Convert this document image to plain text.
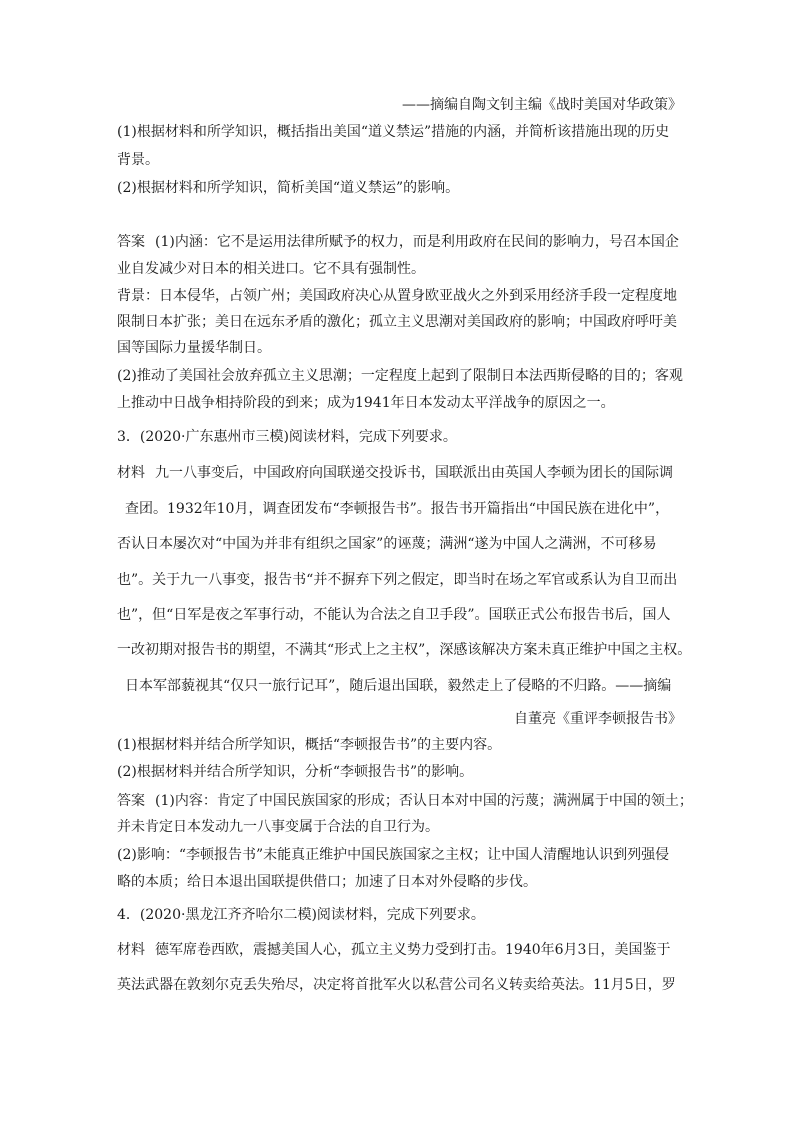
——摘编自陶文钊主编《战时美国对华政策》

(1)根据材料和所学知识，概括指出美国“道义禁运”措施的内涵，并简析该措施出现的历史

背景。

(2)根据材料和所学知识，简析美国“道义禁运”的影响。

答案 (1)内涵：它不是运用法律所赋予的权力，而是利用政府在民间的影响力，号召本国企

业自发减少对日本的相关进口。它不具有强制性。

背景：日本侵华，占领广州；美国政府决心从置身欧亚战火之外到采用经济手段一定程度地

限制日本扩张；美日在远东矛盾的激化；孤立主义思潮对美国政府的影响；中国政府呼吁美

国等国际力量援华制日。

(2)推动了美国社会放弃孤立主义思潮；一定程度上起到了限制日本法西斯侵略的目的；客观

上推动中日战争相持阶段的到来；成为1941年日本发动太平洋战争的原因之一。

3．(2020·广东惠州市三模)阅读材料，完成下列要求。

材料 九一八事变后，中国政府向国联递交投诉书，国联派出由英国人李顿为团长的国际调

查团。1932年10月，调查团发布“李顿报告书”。报告书开篇指出“中国民族在进化中”，

否认日本屡次对“中国为并非有组织之国家”的诬蔑；满洲“遂为中国人之满洲，不可移易

也”。关于九一八事变，报告书“并不摒弃下列之假定，即当时在场之军官或系认为自卫而出

也”，但“日军是夜之军事行动，不能认为合法之自卫手段”。国联正式公布报告书后，国人

一改初期对报告书的期望，不满其“形式上之主权”，深感该解决方案未真正维护中国之主权。

日本军部藐视其“仅只一旅行记耳”，随后退出国联，毅然走上了侵略的不归路。——摘编

自董亮《重评李顿报告书》

(1)根据材料并结合所学知识，概括“李顿报告书”的主要内容。

(2)根据材料并结合所学知识，分析“李顿报告书”的影响。

答案 (1)内容：肯定了中国民族国家的形成；否认日本对中国的污蔑；满洲属于中国的领土；

并未肯定日本发动九一八事变属于合法的自卫行为。

(2)影响：“李顿报告书”未能真正维护中国民族国家之主权；让中国人清醒地认识到列强侵

略的本质；给日本退出国联提供借口；加速了日本对外侵略的步伐。

4．(2020·黑龙江齐齐哈尔二模)阅读材料，完成下列要求。

材料 德军席卷西欧，震撼美国人心，孤立主义势力受到打击。1940年6月3日，美国鉴于

英法武器在敦刻尔克丢失殆尽，决定将首批军火以私营公司名义转卖给英法。11月5日，罗
